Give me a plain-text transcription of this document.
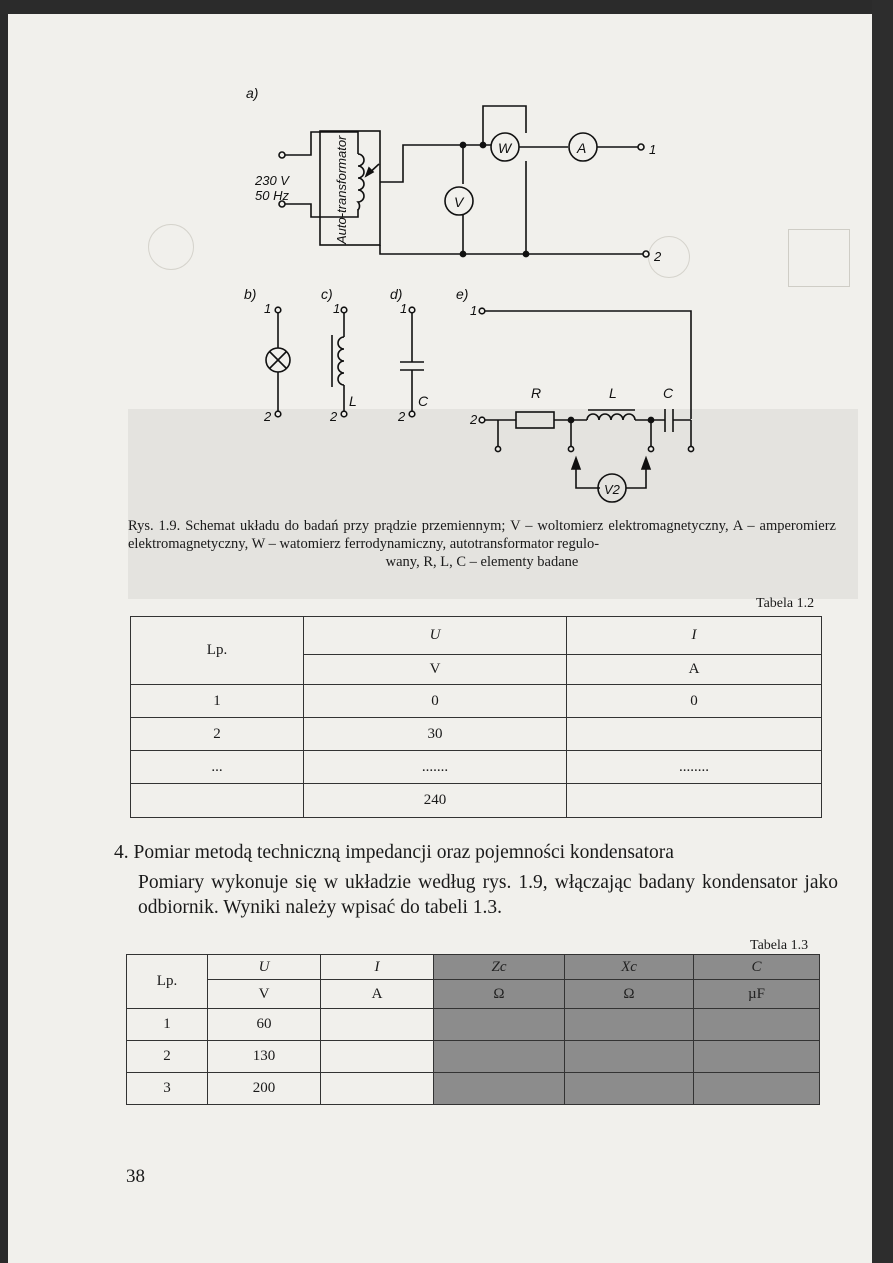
a)
230 V
50 Hz	Auto-transformator	W	A	1
V
2
b)
1
2
c)
1
2
L
d)
1
2
C
e)
1
2
R	L	C
V2
Rys. 1.9. Schemat układu do badań przy prądzie przemiennym; V – woltomierz elektromagnetyczny, A – amperomierz elektromagnetyczny, W – watomierz ferrodynamiczny, autotransformator regulo-
wany, R, L, C – elementy badane
Tabela 1.2
Lp.	U	I
	V	A
1	0	0
2	30	
...	.......	........
	240	
4. Pomiar metodą techniczną impedancji oraz pojemności kondensatora
Pomiary wykonuje się w układzie według rys. 1.9, włączając badany kondensator jako odbiornik. Wyniki należy wpisać do tabeli 1.3.
Tabela 1.3
Lp.	U	I	Zc	Xc	C
	V	A	Ω	Ω	µF
1	60				
2	130				
3	200				
38
